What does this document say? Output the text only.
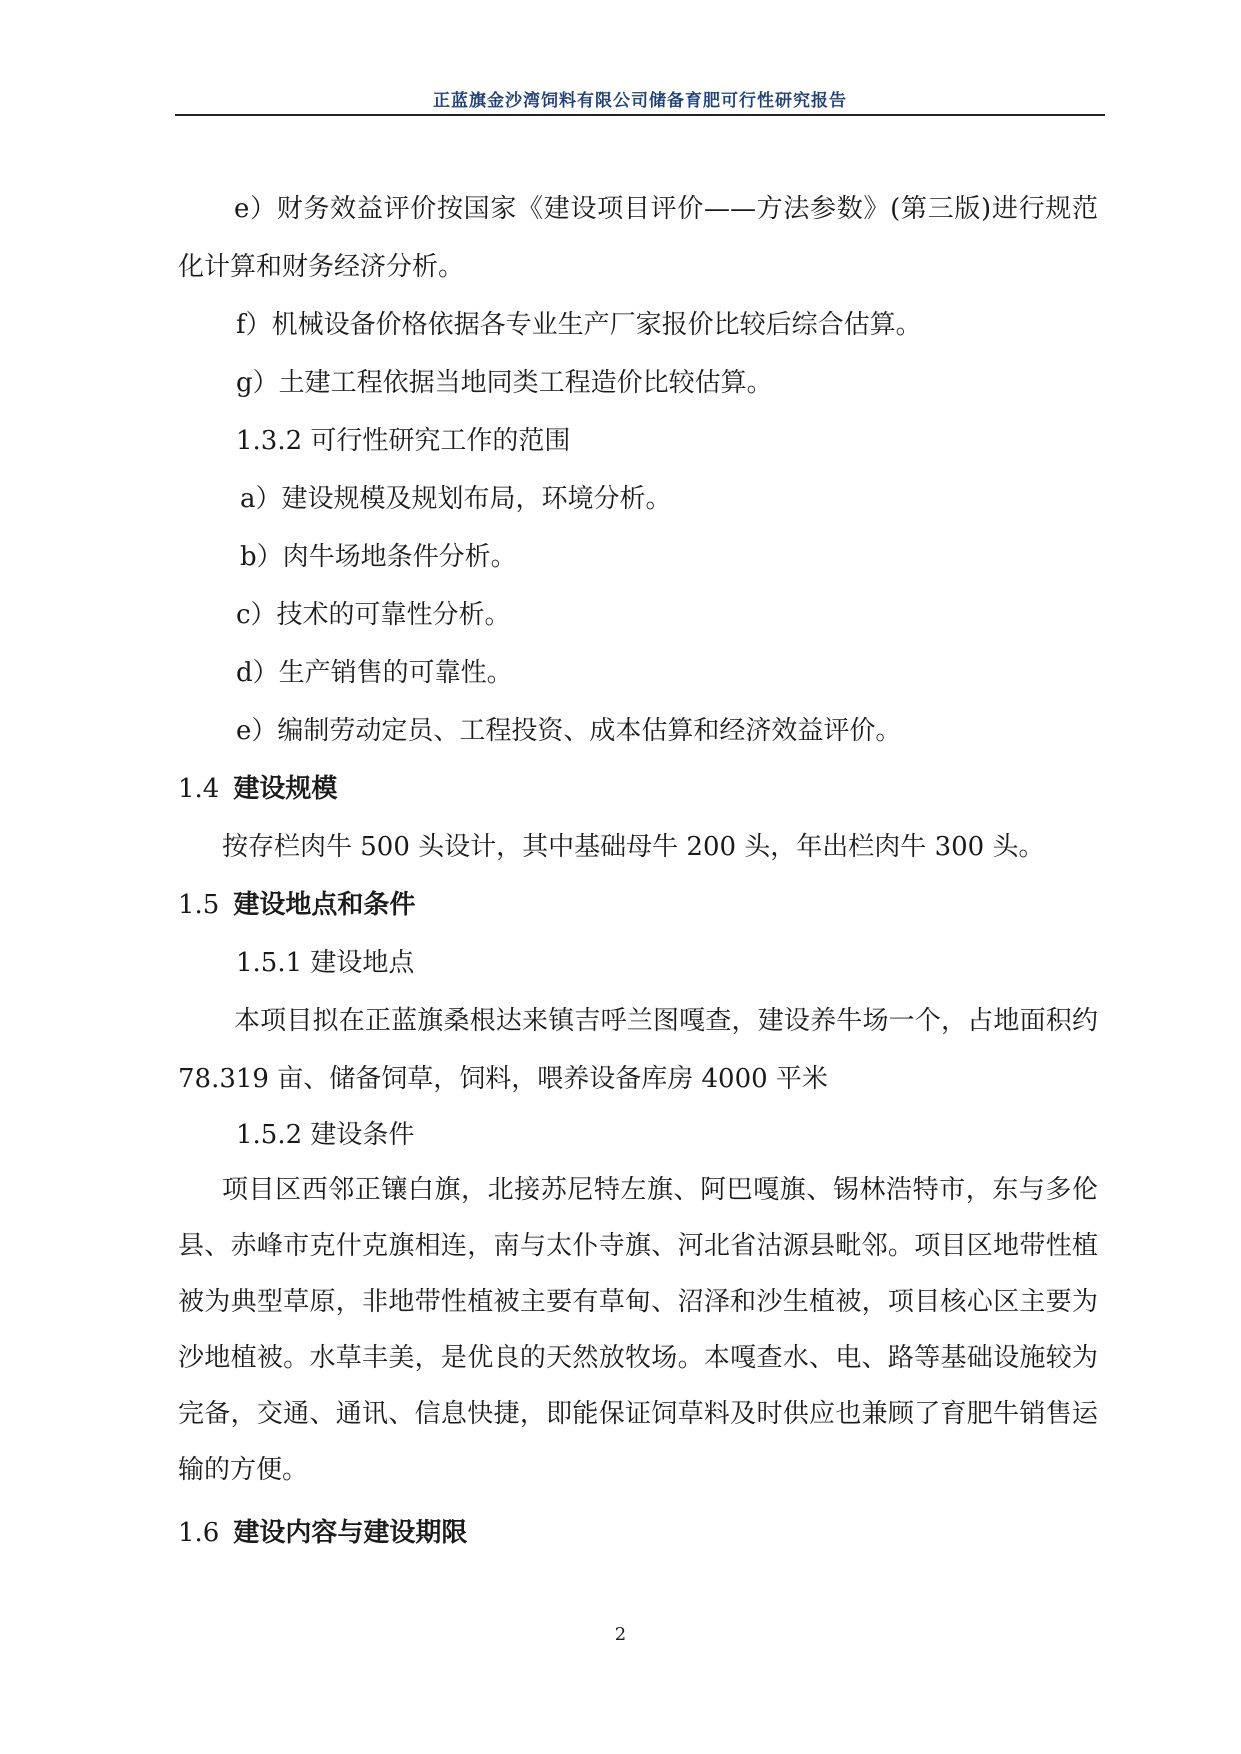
正蓝旗金沙湾饲料有限公司储备育肥可行性研究报告

e）财务效益评价按国家《建设项目评价——方法参数》(第三版)进行规范化计算和财务经济分析。

f）机械设备价格依据各专业生产厂家报价比较后综合估算。

g）土建工程依据当地同类工程造价比较估算。

1.3.2 可行性研究工作的范围

a）建设规模及规划布局，环境分析。

b）肉牛场地条件分析。

c）技术的可靠性分析。

d）生产销售的可靠性。

e）编制劳动定员、工程投资、成本估算和经济效益评价。

1.4 建设规模

按存栏肉牛 500 头设计，其中基础母牛 200 头，年出栏肉牛 300 头。

1.5 建设地点和条件

1.5.1 建设地点

本项目拟在正蓝旗桑根达来镇吉呼兰图嘎查，建设养牛场一个，占地面积约 78.319 亩、储备饲草，饲料，喂养设备库房 4000 平米

1.5.2 建设条件

项目区西邻正镶白旗，北接苏尼特左旗、阿巴嘎旗、锡林浩特市，东与多伦县、赤峰市克什克旗相连，南与太仆寺旗、河北省沽源县毗邻。项目区地带性植被为典型草原，非地带性植被主要有草甸、沼泽和沙生植被，项目核心区主要为沙地植被。水草丰美，是优良的天然放牧场。本嘎查水、电、路等基础设施较为完备，交通、通讯、信息快捷，即能保证饲草料及时供应也兼顾了育肥牛销售运输的方便。

1.6 建设内容与建设期限

2
